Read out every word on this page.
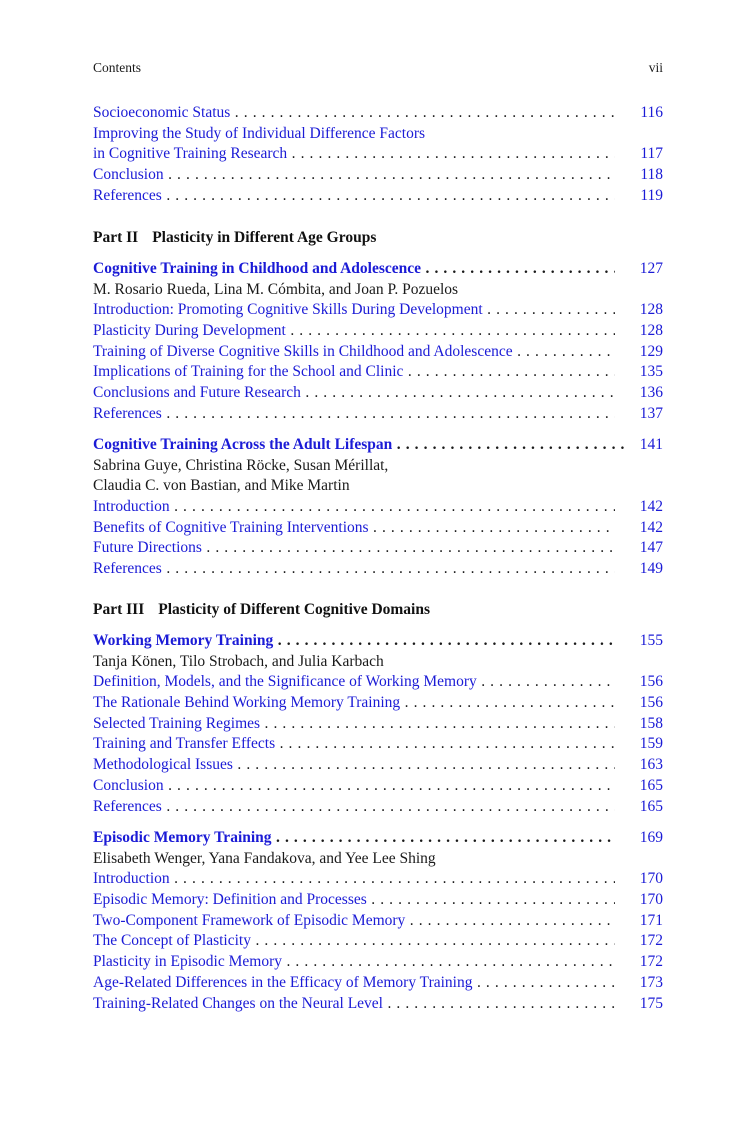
Contents	vii
Socioeconomic Status . . .	116
Improving the Study of Individual Difference Factors
in Cognitive Training Research . . .	117
Conclusion . . .	118
References . . .	119
Part II Plasticity in Different Age Groups
Cognitive Training in Childhood and Adolescence . . .	127
M. Rosario Rueda, Lina M. Cómbita, and Joan P. Pozuelos
Introduction: Promoting Cognitive Skills During Development . . .	128
Plasticity During Development . . .	128
Training of Diverse Cognitive Skills in Childhood and Adolescence . . .	129
Implications of Training for the School and Clinic . . .	135
Conclusions and Future Research . . .	136
References . . .	137
Cognitive Training Across the Adult Lifespan . . .	141
Sabrina Guye, Christina Röcke, Susan Mérillat,
Claudia C. von Bastian, and Mike Martin
Introduction . . .	142
Benefits of Cognitive Training Interventions . . .	142
Future Directions . . .	147
References . . .	149
Part III Plasticity of Different Cognitive Domains
Working Memory Training . . .	155
Tanja Könen, Tilo Strobach, and Julia Karbach
Definition, Models, and the Significance of Working Memory . . .	156
The Rationale Behind Working Memory Training . . .	156
Selected Training Regimes . . .	158
Training and Transfer Effects . . .	159
Methodological Issues . . .	163
Conclusion . . .	165
References . . .	165
Episodic Memory Training . . .	169
Elisabeth Wenger, Yana Fandakova, and Yee Lee Shing
Introduction . . .	170
Episodic Memory: Definition and Processes . . .	170
Two-Component Framework of Episodic Memory . . .	171
The Concept of Plasticity . . .	172
Plasticity in Episodic Memory . . .	172
Age-Related Differences in the Efficacy of Memory Training . . .	173
Training-Related Changes on the Neural Level . . .	175
